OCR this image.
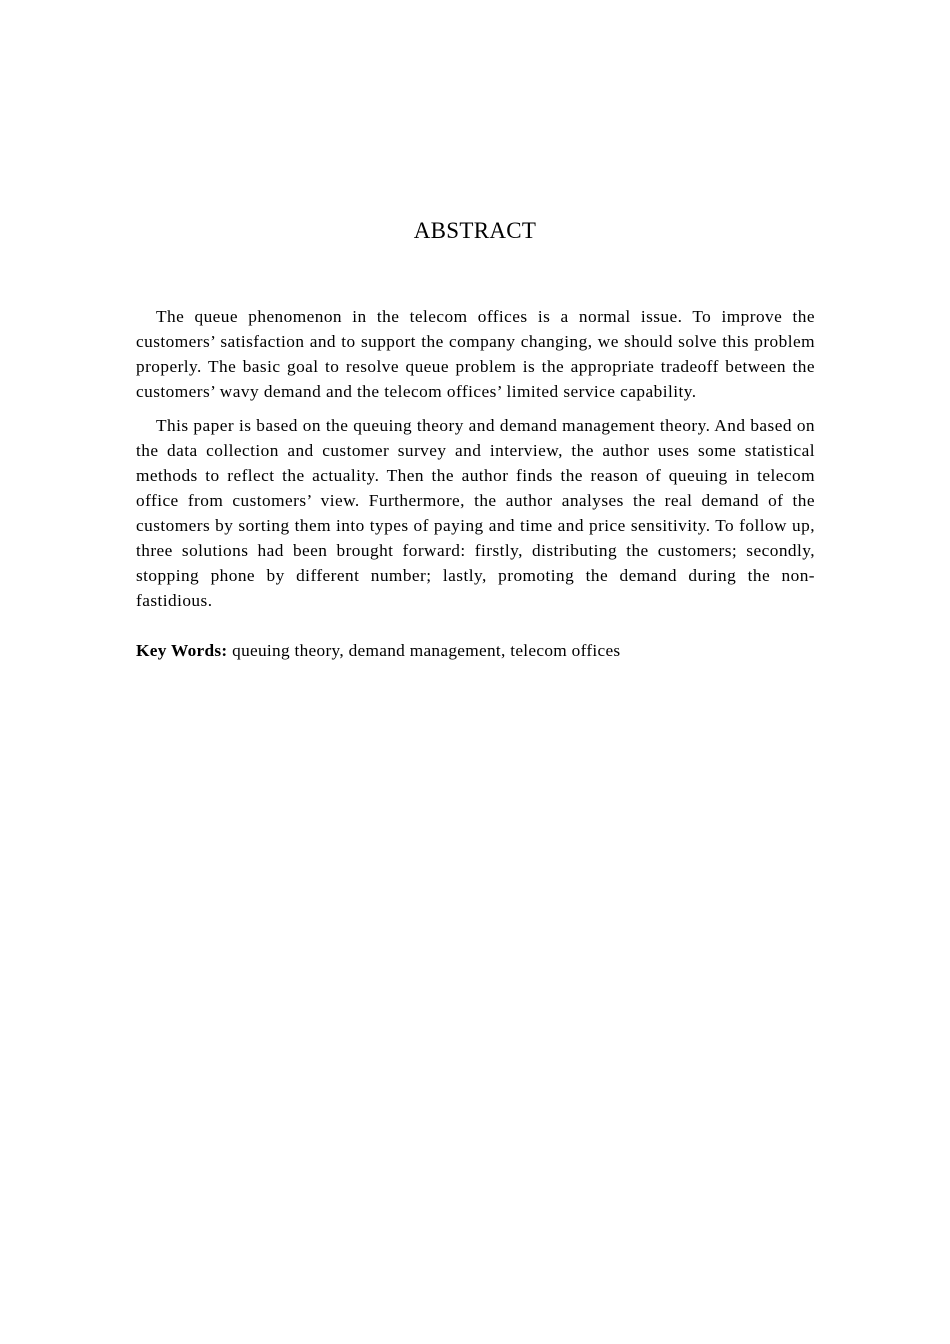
ABSTRACT

The queue phenomenon in the telecom offices is a normal issue. To improve the customers’ satisfaction and to support the company changing, we should solve this problem properly. The basic goal to resolve queue problem is the appropriate tradeoff between the customers’ wavy demand and the telecom offices’ limited service capability.

This paper is based on the queuing theory and demand management theory. And based on the data collection and customer survey and interview, the author uses some statistical methods to reflect the actuality. Then the author finds the reason of queuing in telecom office from customers’ view. Furthermore, the author analyses the real demand of the customers by sorting them into types of paying and time and price sensitivity. To follow up, three solutions had been brought forward: firstly, distributing the customers; secondly, stopping phone by different number; lastly, promoting the demand during the non- fastidious.

Key Words: queuing theory, demand management, telecom offices
